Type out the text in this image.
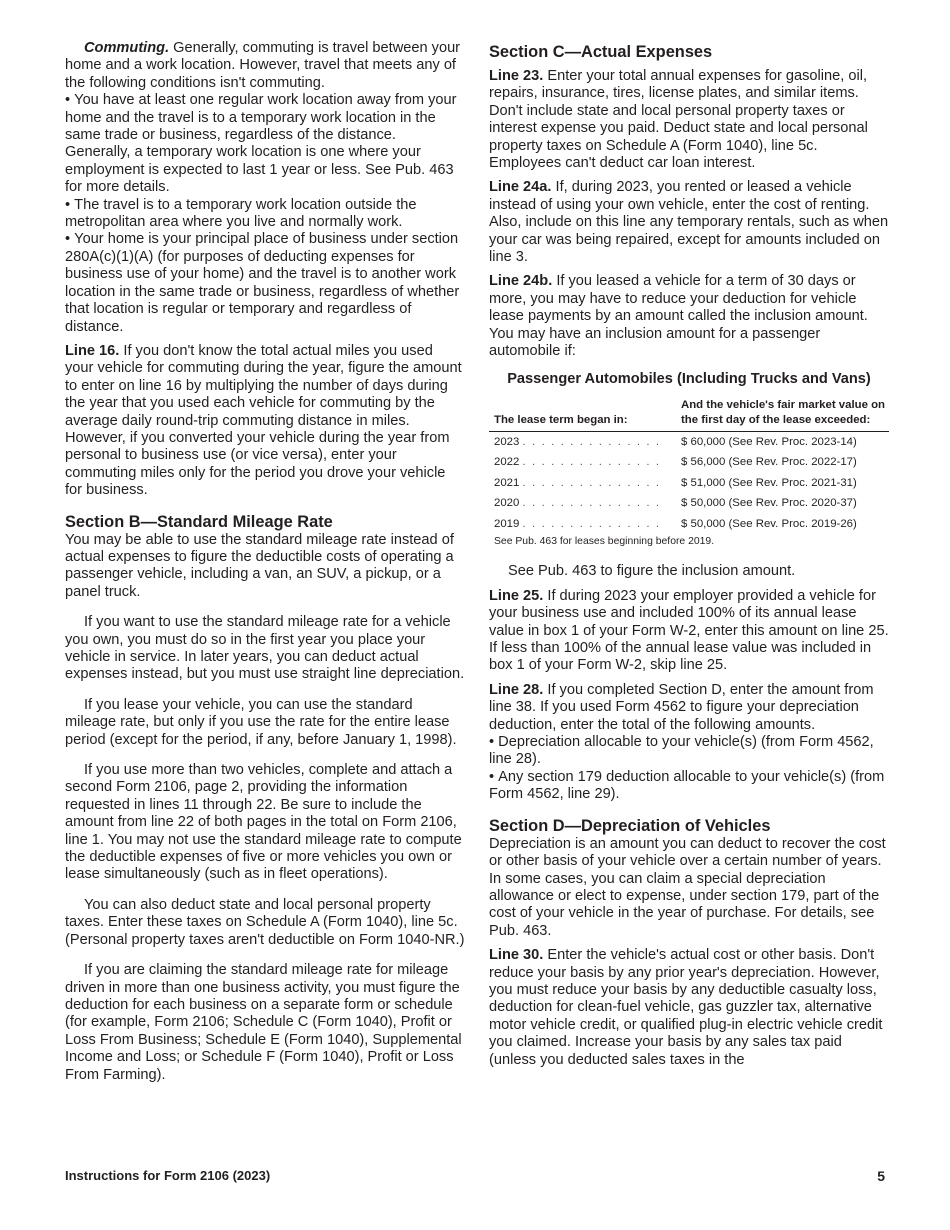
Commuting. Generally, commuting is travel between your home and a work location. However, travel that meets any of the following conditions isn't commuting.

• You have at least one regular work location away from your home and the travel is to a temporary work location in the same trade or business, regardless of the distance. Generally, a temporary work location is one where your employment is expected to last 1 year or less. See Pub. 463 for more details.

• The travel is to a temporary work location outside the metropolitan area where you live and normally work.

• Your home is your principal place of business under section 280A(c)(1)(A) (for purposes of deducting expenses for business use of your home) and the travel is to another work location in the same trade or business, regardless of whether that location is regular or temporary and regardless of distance.

Line 16. If you don't know the total actual miles you used your vehicle for commuting during the year, figure the amount to enter on line 16 by multiplying the number of days during the year that you used each vehicle for commuting by the average daily round-trip commuting distance in miles. However, if you converted your vehicle during the year from personal to business use (or vice versa), enter your commuting miles only for the period you drove your vehicle for business.

Section B—Standard Mileage Rate

You may be able to use the standard mileage rate instead of actual expenses to figure the deductible costs of operating a passenger vehicle, including a van, an SUV, a pickup, or a panel truck.

If you want to use the standard mileage rate for a vehicle you own, you must do so in the first year you place your vehicle in service. In later years, you can deduct actual expenses instead, but you must use straight line depreciation.

If you lease your vehicle, you can use the standard mileage rate, but only if you use the rate for the entire lease period (except for the period, if any, before January 1, 1998).

If you use more than two vehicles, complete and attach a second Form 2106, page 2, providing the information requested in lines 11 through 22. Be sure to include the amount from line 22 of both pages in the total on Form 2106, line 1. You may not use the standard mileage rate to compute the deductible expenses of five or more vehicles you own or lease simultaneously (such as in fleet operations).

You can also deduct state and local personal property taxes. Enter these taxes on Schedule A (Form 1040), line 5c. (Personal property taxes aren't deductible on Form 1040-NR.)

If you are claiming the standard mileage rate for mileage driven in more than one business activity, you must figure the deduction for each business on a separate form or schedule (for example, Form 2106; Schedule C (Form 1040), Profit or Loss From Business; Schedule E (Form 1040), Supplemental Income and Loss; or Schedule F (Form 1040), Profit or Loss From Farming).

Section C—Actual Expenses

Line 23. Enter your total annual expenses for gasoline, oil, repairs, insurance, tires, license plates, and similar items. Don't include state and local personal property taxes or interest expense you paid. Deduct state and local personal property taxes on Schedule A (Form 1040), line 5c. Employees can't deduct car loan interest.

Line 24a. If, during 2023, you rented or leased a vehicle instead of using your own vehicle, enter the cost of renting. Also, include on this line any temporary rentals, such as when your car was being repaired, except for amounts included on line 3.

Line 24b. If you leased a vehicle for a term of 30 days or more, you may have to reduce your deduction for vehicle lease payments by an amount called the inclusion amount. You may have an inclusion amount for a passenger automobile if:

Passenger Automobiles (Including Trucks and Vans)
The lease term began in:	And the vehicle's fair market value on the first day of the lease exceeded:
2023 . . . . . . . . . . . . . . .	$ 60,000 (See Rev. Proc. 2023-14)
2022 . . . . . . . . . . . . . . .	$ 56,000 (See Rev. Proc. 2022-17)
2021 . . . . . . . . . . . . . . .	$ 51,000 (See Rev. Proc. 2021-31)
2020 . . . . . . . . . . . . . . .	$ 50,000 (See Rev. Proc. 2020-37)
2019 . . . . . . . . . . . . . . .	$ 50,000 (See Rev. Proc. 2019-26)
See Pub. 463 for leases beginning before 2019.

See Pub. 463 to figure the inclusion amount.

Line 25. If during 2023 your employer provided a vehicle for your business use and included 100% of its annual lease value in box 1 of your Form W-2, enter this amount on line 25. If less than 100% of the annual lease value was included in box 1 of your Form W-2, skip line 25.

Line 28. If you completed Section D, enter the amount from line 38. If you used Form 4562 to figure your depreciation deduction, enter the total of the following amounts.

• Depreciation allocable to your vehicle(s) (from Form 4562, line 28).

• Any section 179 deduction allocable to your vehicle(s) (from Form 4562, line 29).

Section D—Depreciation of Vehicles

Depreciation is an amount you can deduct to recover the cost or other basis of your vehicle over a certain number of years. In some cases, you can claim a special depreciation allowance or elect to expense, under section 179, part of the cost of your vehicle in the year of purchase. For details, see Pub. 463.

Line 30. Enter the vehicle's actual cost or other basis. Don't reduce your basis by any prior year's depreciation. However, you must reduce your basis by any deductible casualty loss, deduction for clean-fuel vehicle, gas guzzler tax, alternative motor vehicle credit, or qualified plug-in electric vehicle credit you claimed. Increase your basis by any sales tax paid (unless you deducted sales taxes in the

Instructions for Form 2106 (2023)	5
